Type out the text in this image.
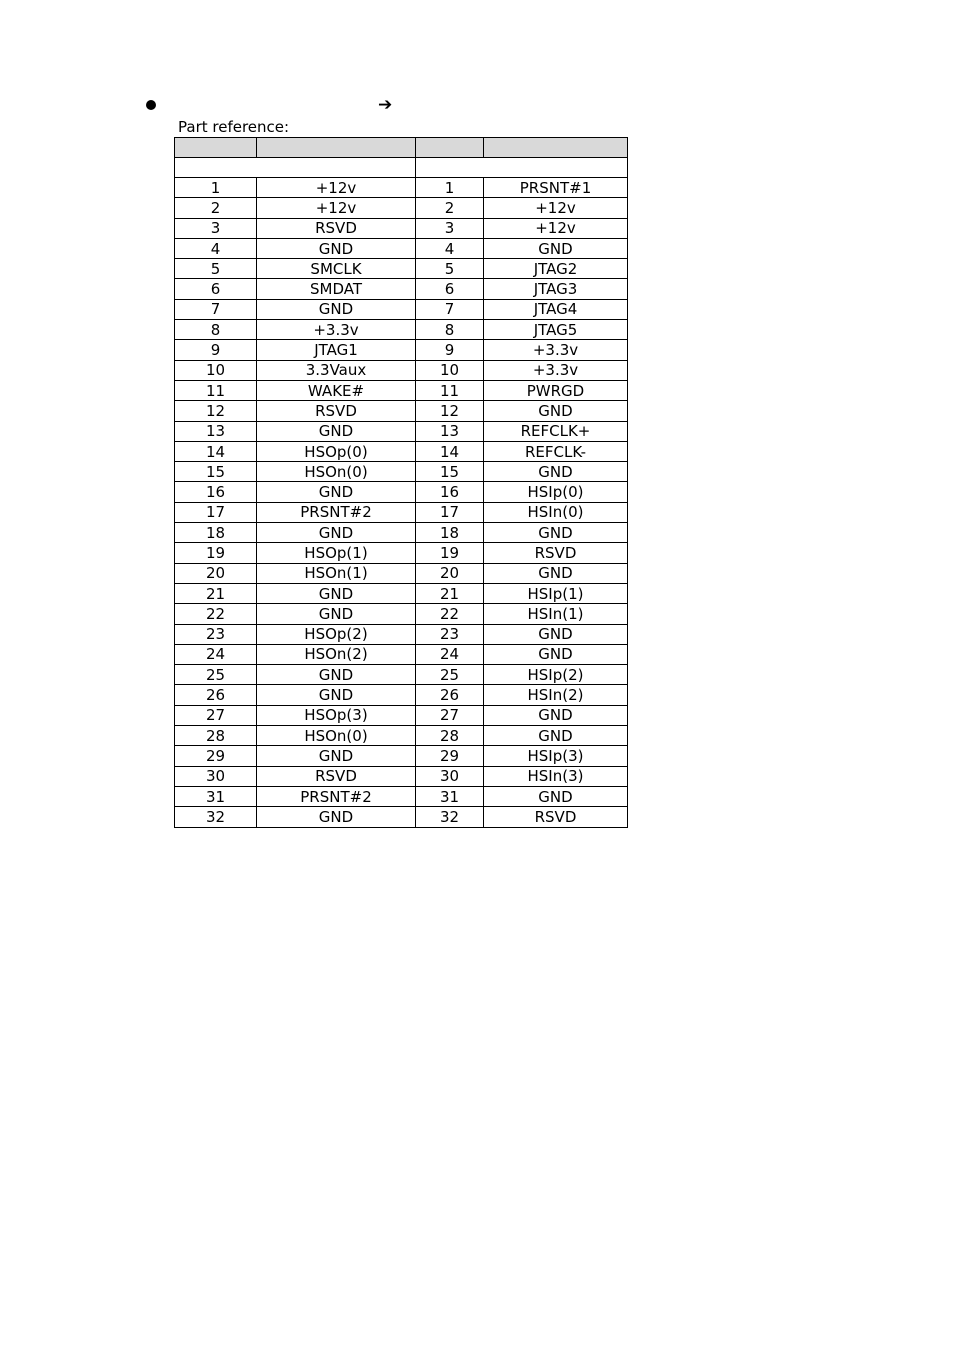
➔
Part reference:

1	+12v	1	PRSNT#1
2	+12v	2	+12v
3	RSVD	3	+12v
4	GND	4	GND
5	SMCLK	5	JTAG2
6	SMDAT	6	JTAG3
7	GND	7	JTAG4
8	+3.3v	8	JTAG5
9	JTAG1	9	+3.3v
10	3.3Vaux	10	+3.3v
11	WAKE#	11	PWRGD
12	RSVD	12	GND
13	GND	13	REFCLK+
14	HSOp(0)	14	REFCLK-
15	HSOn(0)	15	GND
16	GND	16	HSIp(0)
17	PRSNT#2	17	HSIn(0)
18	GND	18	GND
19	HSOp(1)	19	RSVD
20	HSOn(1)	20	GND
21	GND	21	HSIp(1)
22	GND	22	HSIn(1)
23	HSOp(2)	23	GND
24	HSOn(2)	24	GND
25	GND	25	HSIp(2)
26	GND	26	HSIn(2)
27	HSOp(3)	27	GND
28	HSOn(0)	28	GND
29	GND	29	HSIp(3)
30	RSVD	30	HSIn(3)
31	PRSNT#2	31	GND
32	GND	32	RSVD
